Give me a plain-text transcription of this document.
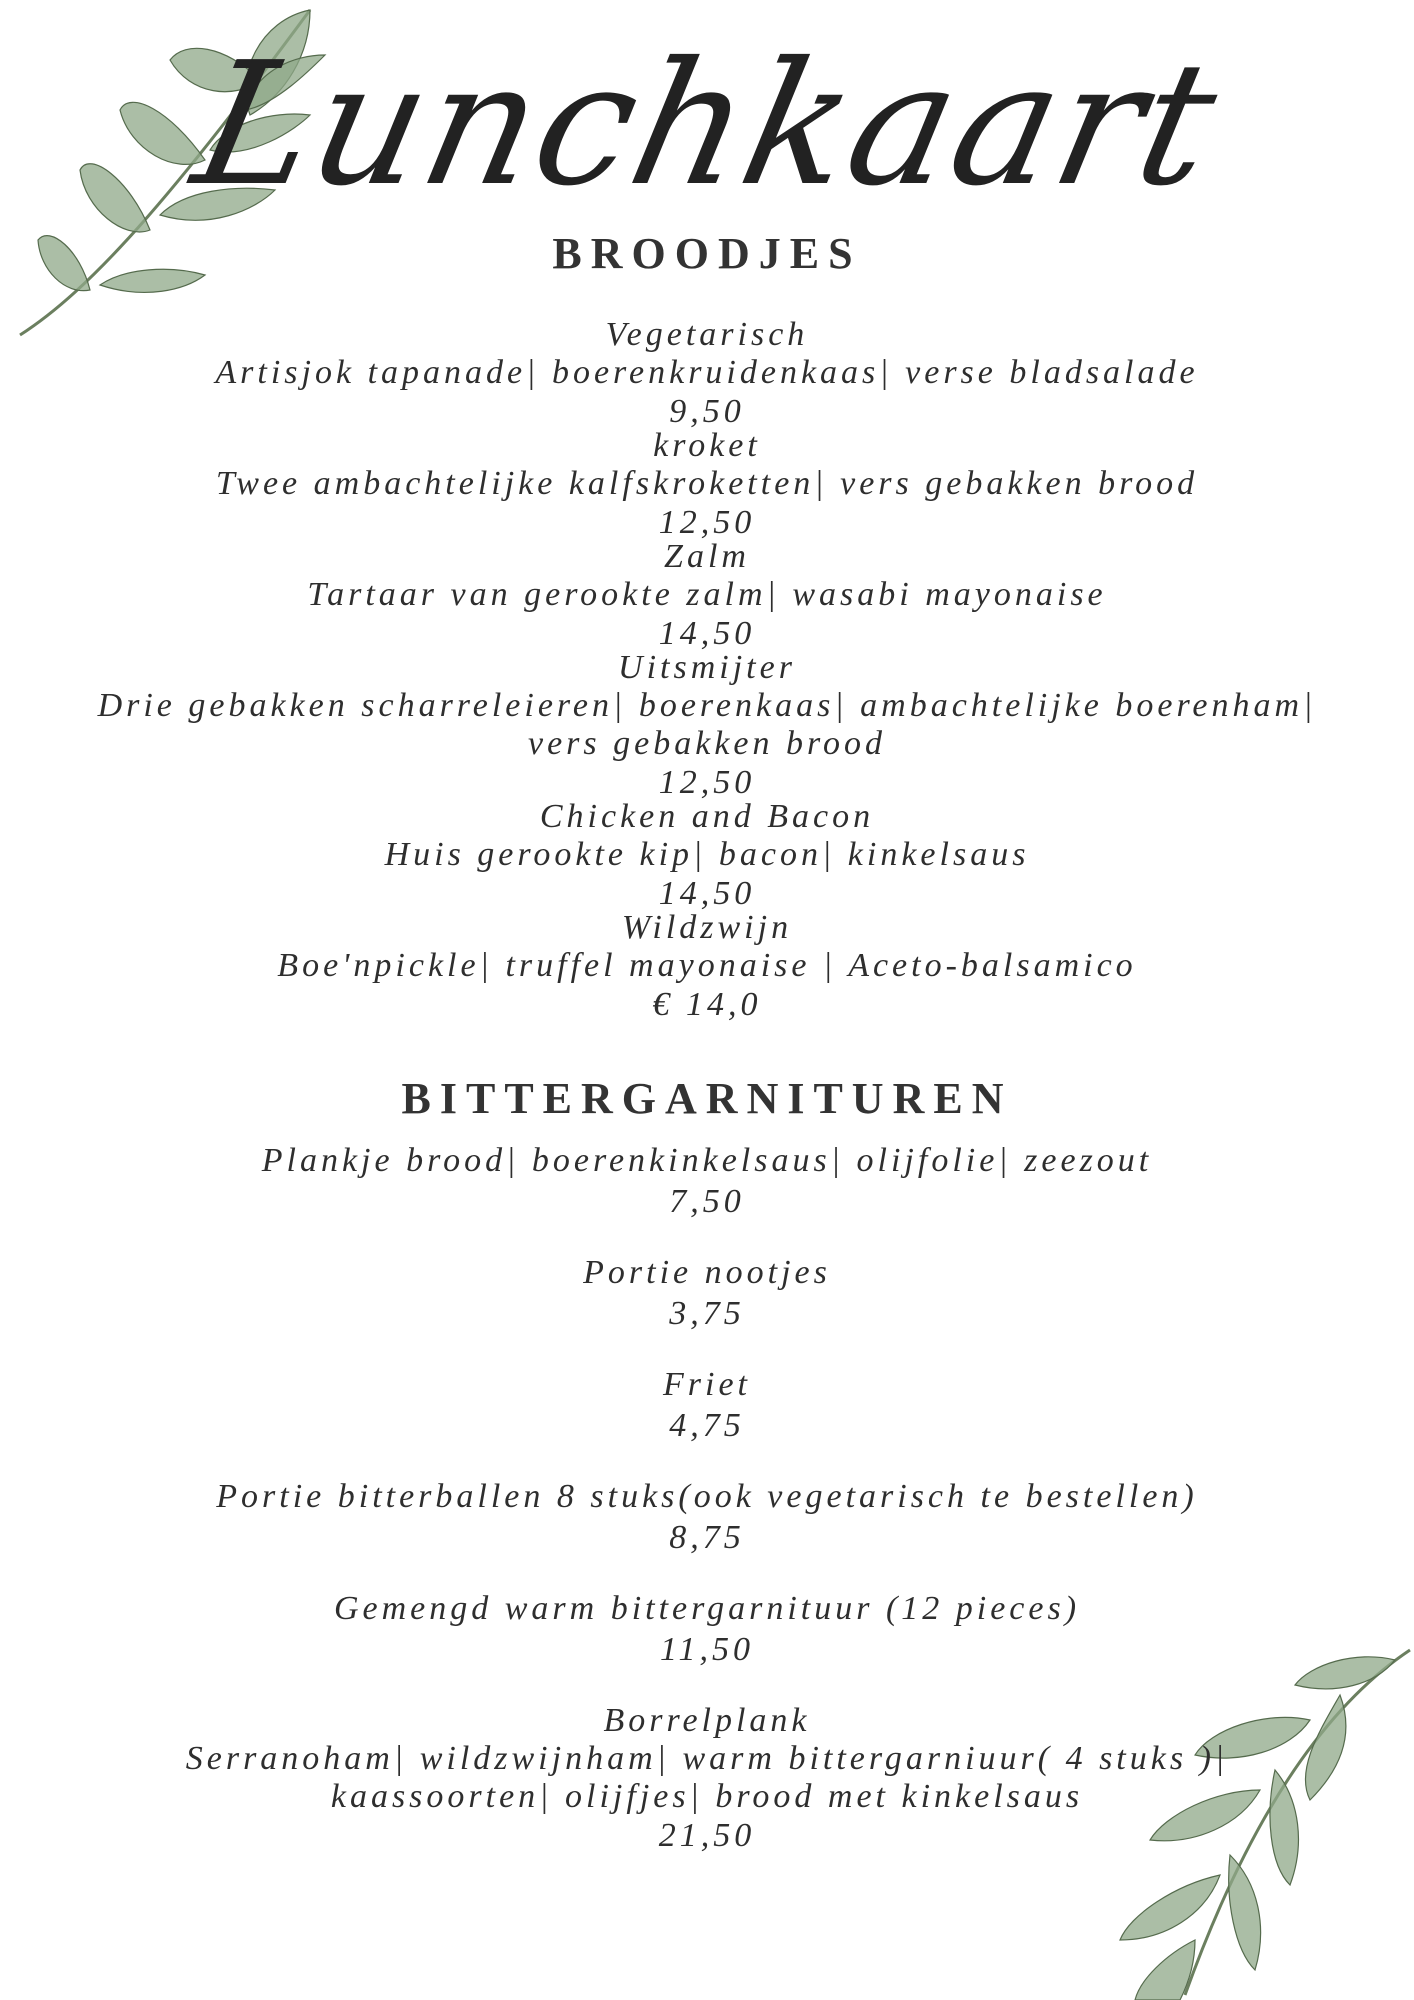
Lunchkaart
BROODJES
Vegetarisch
Artisjok tapanade| boerenkruidenkaas| verse bladsalade
9,50
kroket
Twee ambachtelijke kalfskroketten| vers gebakken brood
12,50
Zalm
Tartaar van gerookte zalm| wasabi mayonaise
14,50
Uitsmijter
Drie gebakken scharreleieren| boerenkaas| ambachtelijke boerenham|
vers gebakken brood
12,50
Chicken and Bacon
Huis gerookte kip| bacon| kinkelsaus
14,50
Wildzwijn
Boe'npickle| truffel mayonaise | Aceto-balsamico
€ 14,0
BITTERGARNITUREN
Plankje brood| boerenkinkelsaus| olijfolie| zeezout
7,50
Portie nootjes
3,75
Friet
4,75
Portie bitterballen 8 stuks(ook vegetarisch te bestellen)
8,75
Gemengd warm bittergarnituur (12 pieces)
11,50
Borrelplank
Serranoham| wildzwijnham| warm bittergarniuur( 4 stuks )|
kaassoorten| olijfjes| brood met kinkelsaus
21,50
